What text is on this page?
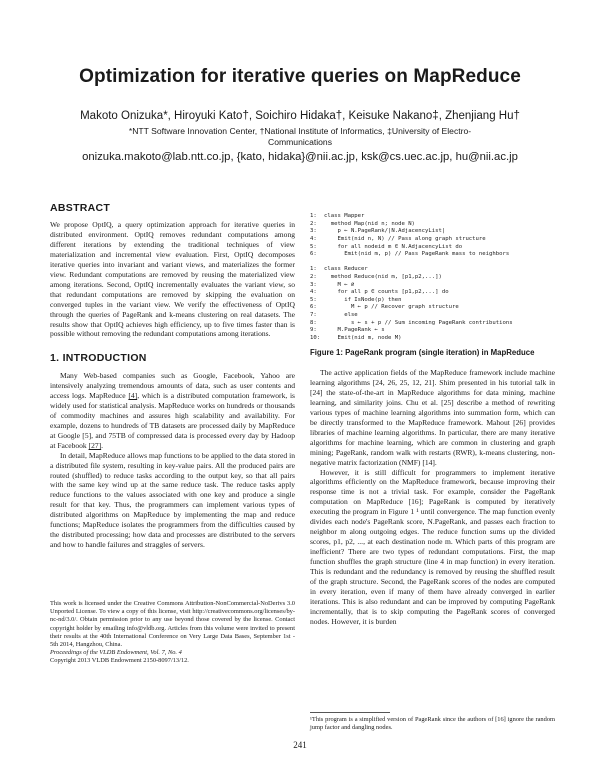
Optimization for iterative queries on MapReduce
Makoto Onizuka*, Hiroyuki Kato†, Soichiro Hidaka†, Keisuke Nakano‡, Zhenjiang Hu†
*NTT Software Innovation Center, †National Institute of Informatics, ‡University of Electro-Communications
onizuka.makoto@lab.ntt.co.jp, {kato, hidaka}@nii.ac.jp, ksk@cs.uec.ac.jp, hu@nii.ac.jp
ABSTRACT

We propose OptIQ, a query optimization approach for iterative queries in distributed environment. OptIQ removes redundant computations among different iterations by extending the traditional techniques of view materialization and incremental view evaluation. First, OptIQ decomposes iterative queries into invariant and variant views, and materializes the former view. Redundant computations are removed by reusing the materialized view among iterations. Second, OptIQ incrementally evaluates the variant view, so that redundant computations are removed by skipping the evaluation on converged tuples in the variant view. We verify the effectiveness of OptIQ through the queries of PageRank and k-means clustering on real datasets. The results show that OptIQ achieves high efficiency, up to five times faster than is possible without removing the redundant computations among iterations.

1. INTRODUCTION

Many Web-based companies such as Google, Facebook, Yahoo are intensively analyzing tremendous amounts of data, such as user contents and access logs. MapReduce [4], which is a distributed computation framework, is widely used for statistical analysis. MapReduce works on hundreds or thousands of commodity machines and assures high scalability and availability. For example, dozens to hundreds of TB datasets are processed daily by MapReduce at Google [5], and 75TB of compressed data is processed every day by Hadoop at Facebook [27].

In detail, MapReduce allows map functions to be applied to the data stored in a distributed file system, resulting in key-value pairs. All the produced pairs are routed (shuffled) to reduce tasks according to the output key, so that all pairs with the same key wind up at the same reduce task. The reduce tasks apply reduce functions to the values associated with one key and produce a single result for that key. Thus, the programmers can implement various types of distributed algorithms on MapReduce by implementing the map and reduce functions; MapReduce isolates the programmers from the difficulties caused by the distributed processing; how data and processes are distributed to the servers and how to handle failures and straggles of servers.

This work is licensed under the Creative Commons Attribution-NonCommercial-NoDerivs 3.0 Unported License. To view a copy of this license, visit http://creativecommons.org/licenses/by-nc-nd/3.0/. Obtain permission prior to any use beyond those covered by the license. Contact copyright holder by emailing info@vldb.org. Articles from this volume were invited to present their results at the 40th International Conference on Very Large Data Bases, September 1st - 5th 2014, Hangzhou, China.
Proceedings of the VLDB Endowment, Vol. 7, No. 4
Copyright 2013 VLDB Endowment 2150-8097/13/12.

1: class Mapper
2:  method Map(nid n; node N)
3:    p ← N.PageRank/|N.AdjacencyList|
4:    Emit(nid n, N) // Pass along graph structure
5:    for all nodeid m ∈ N.AdjacencyList do
6:      Emit(nid m, p) // Pass PageRank mass to neighbors

1: class Reducer
2:  method Reduce(nid m, [p1,p2,...])
3:    M ← ∅
4:    for all p ∈ counts [p1,p2,...] do
5:      if IsNode(p) then
6:        M ← p // Recover graph structure
7:      else
8:        s ← s + p // Sum incoming PageRank contributions
9:    M.PageRank ← s
10:    Emit(nid m, node M)

Figure 1: PageRank program (single iteration) in MapReduce

The active application fields of the MapReduce framework include machine learning algorithms [24, 26, 25, 12, 21]. Shim presented in his tutorial talk in [24] the state-of-the-art in MapReduce algorithms for data mining, machine learning, and similarity joins. Chu et al. [25] describe a method of rewriting various types of machine learning algorithms into summation form, which can be directly transformed to the MapReduce framework. Mahout [26] provides libraries of machine learning algorithms. In particular, there are many iterative algorithms for machine learning, which are common in clustering and graph mining; PageRank, random walk with restarts (RWR), k-means clustering, non-negative matrix factorization (NMF) [14].

However, it is still difficult for programmers to implement iterative algorithms efficiently on the MapReduce framework, because improving their response time is not a trivial task. For example, consider the PageRank computation on MapReduce [16]; PageRank is computed by iteratively executing the program in Figure 1 ¹ until convergence. The map function evenly divides each node's PageRank score, N.PageRank, and passes each fraction to neighbor m along outgoing edges. The reduce function sums up the divided scores, p1, p2, ..., at each destination node m. Which parts of this program are inefficient? There are two types of redundant computations. First, the map function shuffles the graph structure (line 4 in map function) in every iteration. This is redundant and the redundancy is removed by reusing the shuffled result of the graph structure. Second, the PageRank scores of the nodes are computed in every iteration, even if many of them have already converged in earlier iterations. This is also redundant and can be improved by computing PageRank incrementally, that is to skip computing the PageRank scores of converged nodes. However, it is burden

¹This program is a simplified version of PageRank since the authors of [16] ignore the random jump factor and dangling nodes.
241
